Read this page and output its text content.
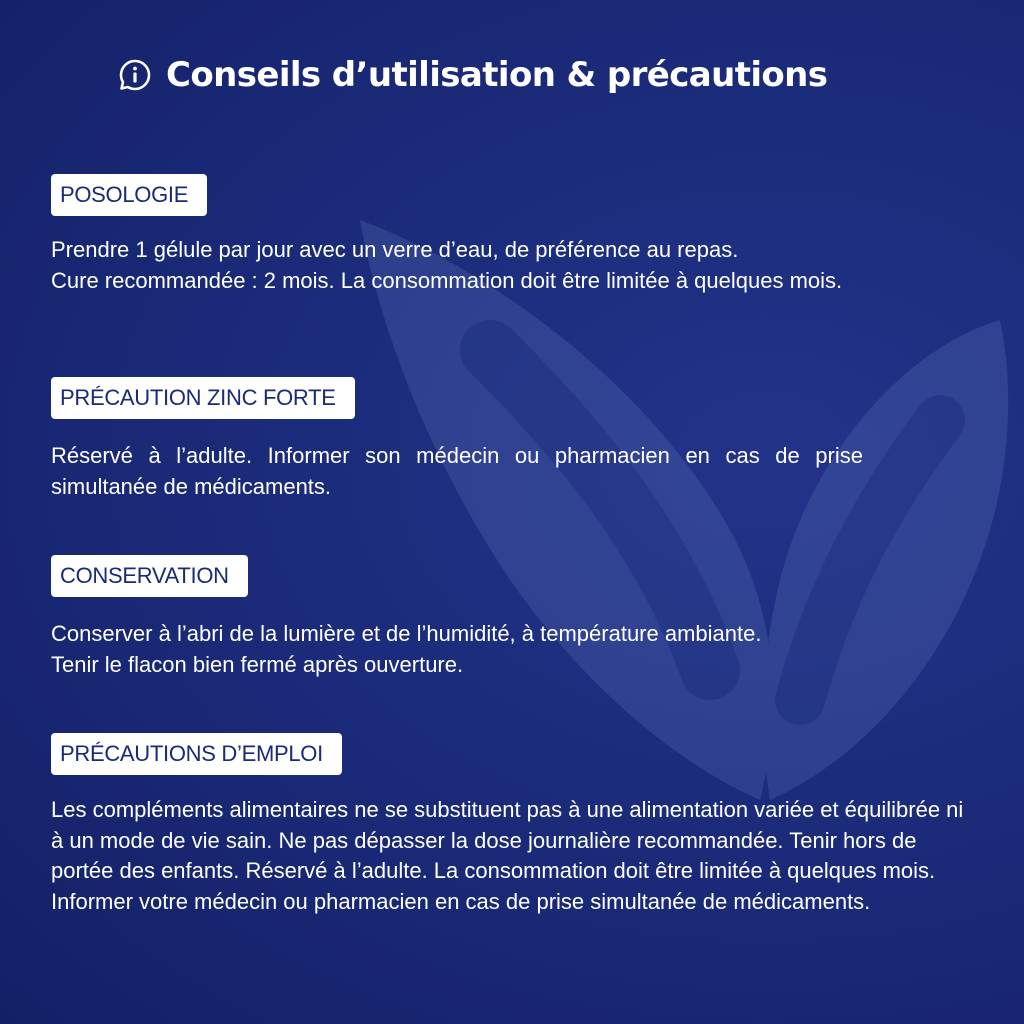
Conseils d’utilisation & précautions
POSOLOGIE
Prendre 1 gélule par jour avec un verre d’eau, de préférence au repas.
Cure recommandée : 2 mois. La consommation doit être limitée à quelques mois.
PRÉCAUTION ZINC FORTE
Réservé à l’adulte. Informer son médecin ou pharmacien en cas de prise simultanée de médicaments.
CONSERVATION
Conserver à l’abri de la lumière et de l’humidité, à température ambiante.
Tenir le flacon bien fermé après ouverture.
PRÉCAUTIONS D’EMPLOI
Les compléments alimentaires ne se substituent pas à une alimentation variée et équilibrée ni à un mode de vie sain. Ne pas dépasser la dose journalière recommandée. Tenir hors de portée des enfants. Réservé à l’adulte. La consommation doit être limitée à quelques mois. Informer votre médecin ou pharmacien en cas de prise simultanée de médicaments.
